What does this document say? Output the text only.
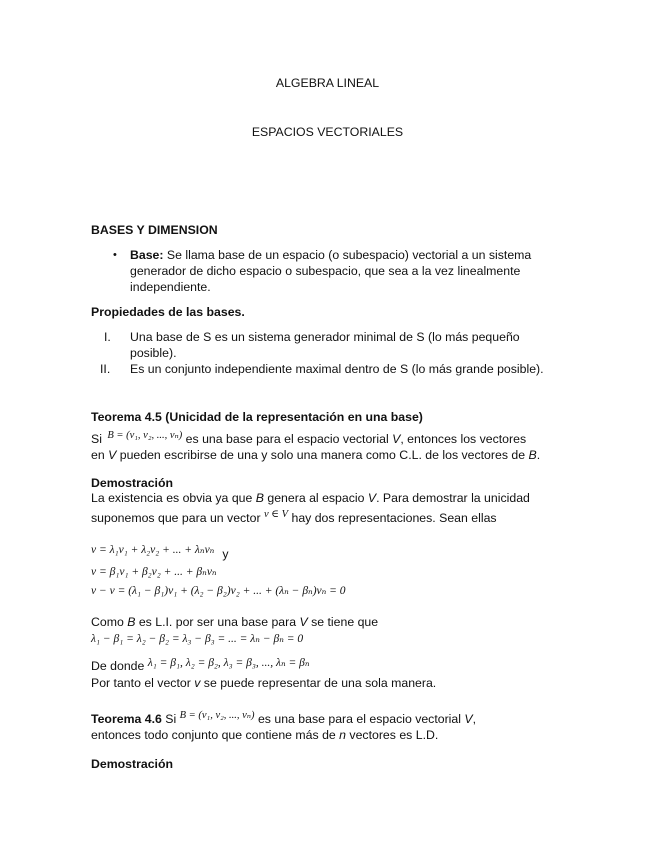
ALGEBRA LINEAL
ESPACIOS VECTORIALES
BASES Y DIMENSION
• Base: Se llama base de un espacio (o subespacio) vectorial a un sistema
generador de dicho espacio o subespacio, que sea a la vez linealmente
independiente.
Propiedades de las bases.
I. Una base de S es un sistema generador minimal de S (lo más pequeño
posible).
II. Es un conjunto independiente maximal dentro de S (lo más grande posible).
Teorema 4.5 (Unicidad de la representación en una base)
Si B = (v₁, v₂, ..., vₙ) es una base para el espacio vectorial V, entonces los vectores
en V pueden escribirse de una y solo una manera como C.L. de los vectores de B.
Demostración
La existencia es obvia ya que B genera al espacio V. Para demostrar la unicidad
suponemos que para un vector v ∈ V hay dos representaciones. Sean ellas
v = λ₁v₁ + λ₂v₂ + ... + λₙvₙ y
v = β₁v₁ + β₂v₂ + ... + βₙvₙ
v − v = (λ₁ − β₁)v₁ + (λ₂ − β₂)v₂ + ... + (λₙ − βₙ)vₙ = 0
Como B es L.I. por ser una base para V se tiene que
λ₁ − β₁ = λ₂ − β₂ = λ₃ − β₃ = ... = λₙ − βₙ = 0
De donde λ₁ = β₁, λ₂ = β₂, λ₃ = β₃, ..., λₙ = βₙ
Por tanto el vector v se puede representar de una sola manera.
Teorema 4.6 Si B = (v₁, v₂, ..., vₙ) es una base para el espacio vectorial V,
entonces todo conjunto que contiene más de n vectores es L.D.
Demostración
